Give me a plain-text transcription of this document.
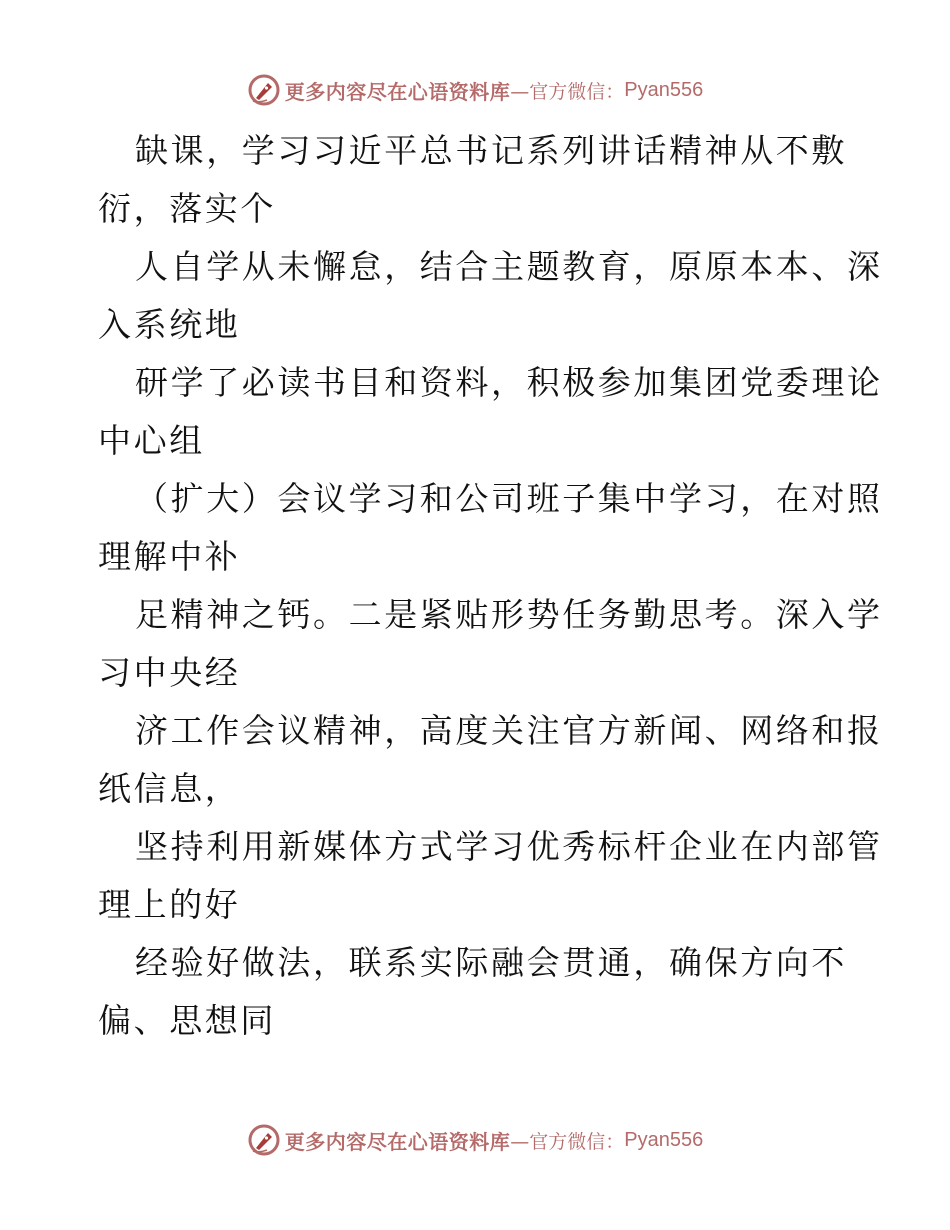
更多内容尽在心语资料库 —官方微信： Pyan556
缺课，学习习近平总书记系列讲话精神从不敷
衍，落实个
人自学从未懈怠，结合主题教育，原原本本、深
入系统地
研学了必读书目和资料，积极参加集团党委理论
中心组
（扩大）会议学习和公司班子集中学习，在对照
理解中补
足精神之钙。二是紧贴形势任务勤思考。深入学
习中央经
济工作会议精神，高度关注官方新闻、网络和报
纸信息，
坚持利用新媒体方式学习优秀标杆企业在内部管
理上的好
经验好做法，联系实际融会贯通，确保方向不
偏、思想同
更多内容尽在心语资料库 —官方微信： Pyan556
